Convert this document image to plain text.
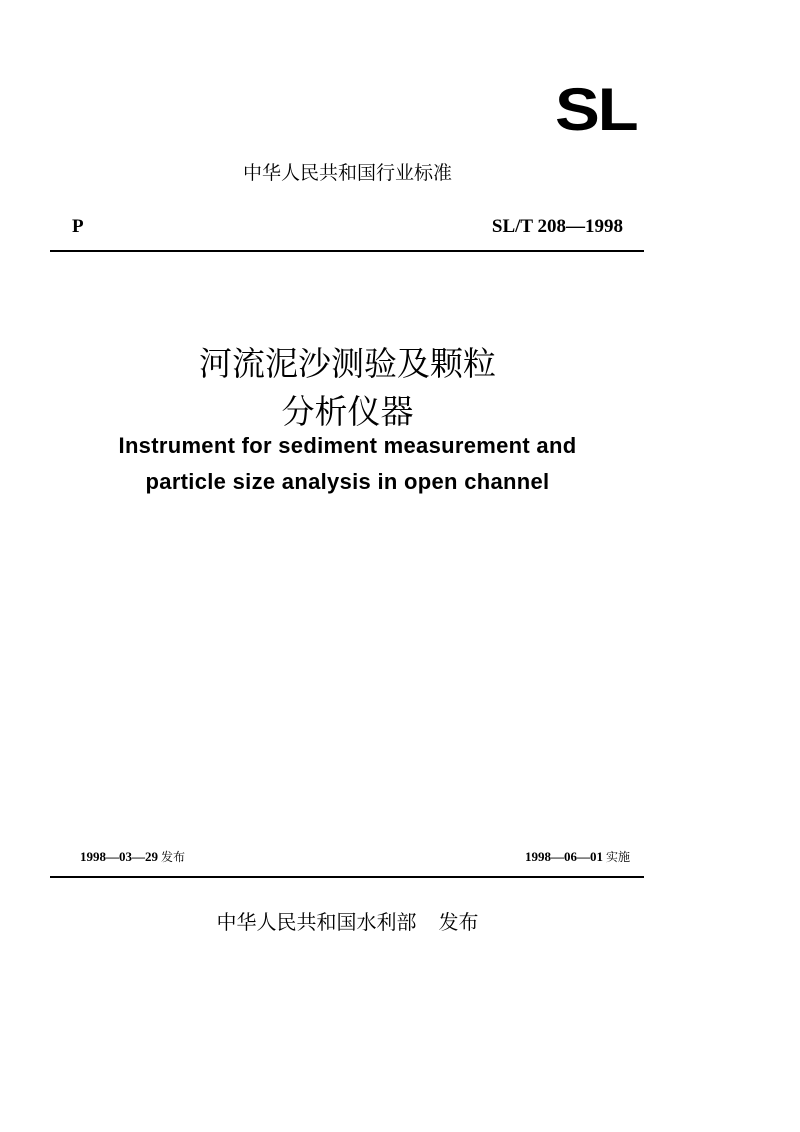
SL
中华人民共和国行业标准
P	SL/T 208—1998
河流泥沙测验及颗粒
分析仪器
Instrument for sediment measurement and
particle size analysis in open channel
1998—03—29 发布	1998—06—01 实施
中华人民共和国水利部 发布
